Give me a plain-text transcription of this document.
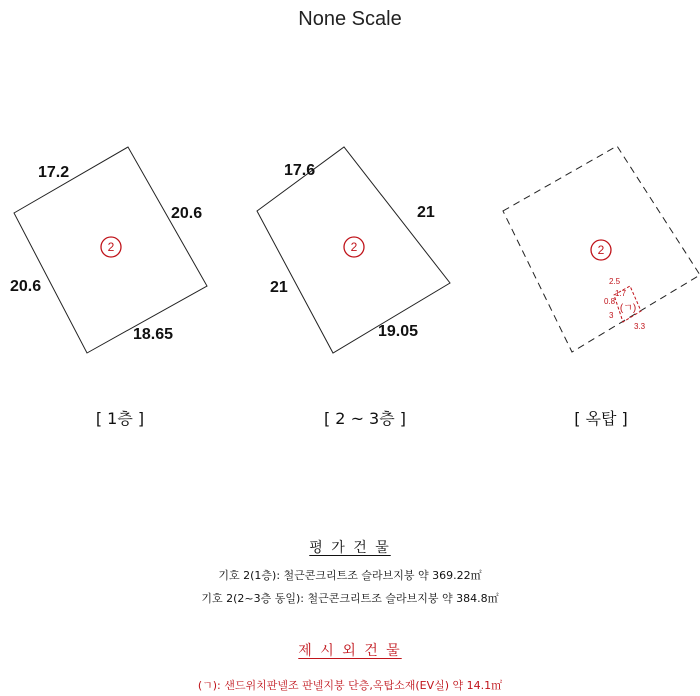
None Scale
2
17.2
20.6
20.6
18.65
[ 1층 ]
2
17.6
21
21
19.05
[ 2 ~ 3층 ]
2
(ㄱ)
2.5
1.7
0.8
3
3.3
[ 옥탑 ]
평 가 건 물
기호 2(1층): 철근콘크리트조 슬라브지붕 약 369.22㎡
기호 2(2~3층 동일): 철근콘크리트조 슬라브지붕 약 384.8㎡
제 시 외 건 물
(ㄱ): 샌드위치판넬조 판넬지붕 단층,옥탑소재(EV실) 약 14.1㎡
